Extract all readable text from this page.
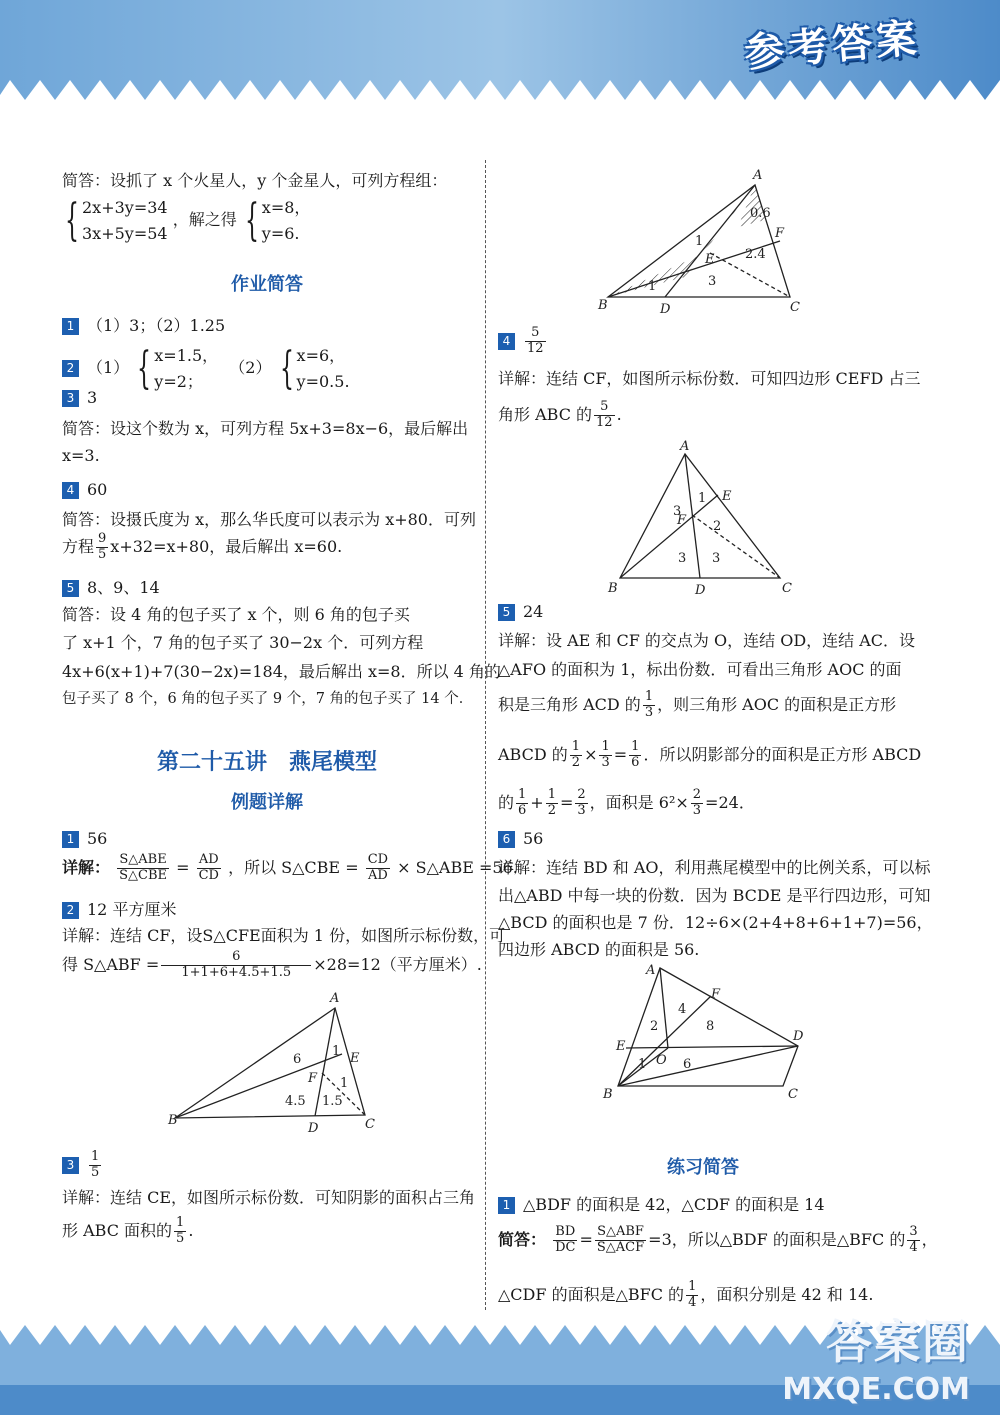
参考答案
答案圈
MXQE.COM
简答：设抓了 x 个火星人，y 个金星人，可列方程组：
{ 2x+3y=34
3x+5y=54 ，解之得 { x=8，
y=6.
作业简答
1 （1）3；（2）1.25
2 （1） { x=1.5，
y=2； （2） { x=6，
y=0.5.
3 3
简答：设这个数为 x，可列方程 5x+3=8x−6，最后解出
x=3.
4 60
简答：设摄氏度为 x，那么华氏度可以表示为 x+80．可列
方程 $\frac{9}{5} x+32=x+80$，最后解出 x=60.
5 8、9、14
简答：设 4 角的包子买了 x 个，则 6 角的包子买
了 x+1 个，7 角的包子买了 30−2x 个．可列方程
4x+6(x+1)+7(30−2x)=184，最后解出 x=8．所以 4 角的
包子买了 8 个，6 角的包子买了 9 个，7 角的包子买了 14 个．
第二十五讲　燕尾模型
例题详解
1 56
详解： $\frac{\text{S△ABE}}{\text{S△CBE}} = \frac{AD}{CD}$ ，所以 S△CBE = $\frac{CD}{AD}$ × S△ABE =56.
2 12 平方厘米
详解：连结 CF，设S△CFE面积为 1 份，如图所示标份数，可
得 S△ABF = $\frac{6}{1+1+6+4.5+1.5} \times 28=12$（平方厘米）.
A
E
F
B
D	C
6
1
1
4.5 1.5
$3 \frac{1}{5}$
详解：连结 CE，如图所示标份数．可知阴影的面积占三角
形 ABC 面积的 $\frac{1}{5}$ .
A
F
E
B	D	C
0.6
1
2.4
3
1
$4 \frac{5}{12}$
详解：连结 CF，如图所示标份数．可知四边形 CEFD 占三
角形 ABC 的 $\frac{5}{12}$ .
A
E
F
B	D	C
1
2
3
3 3
5 24
详解：设 AE 和 CF 的交点为 O，连结 OD，连结 AC．设
△AFO 的面积为 1，标出份数．可看出三角形 AOC 的面
积是三角形 ACD 的 $\frac{1}{3}$ ，则三角形 AOC 的面积是正方形
ABCD 的 $\frac{1}{2} \times \frac{1}{3} = \frac{1}{6}$ ．所以阴影部分的面积是正方形 ABCD
的 $\frac{1}{6} + \frac{1}{2} = \frac{2}{3}$ ，面积是 $6^2\times \frac{2}{3} =24$．
6 56
详解：连结 BD 和 AO，利用燕尾模型中的比例关系，可以标
出△ABD 中每一块的份数．因为 BCDE 是平行四边形，可知
△BCD 的面积也是 7 份．12÷6×(2+4+8+6+1+7)=56，
四边形 ABCD 的面积是 56.
A
F
E
O
D
B	C
4
2	8
1	6
练习简答
1 △BDF 的面积是 42，△CDF 的面积是 14
简答： $\frac{BD}{DC} = \frac{\text{S△ABF}}{\text{S△ACF}} =3$，所以△BDF 的面积是△BFC 的 $\frac{3}{4}$ ，
△CDF 的面积是△BFC 的 $\frac{1}{4}$ ，面积分别是 42 和 14.
